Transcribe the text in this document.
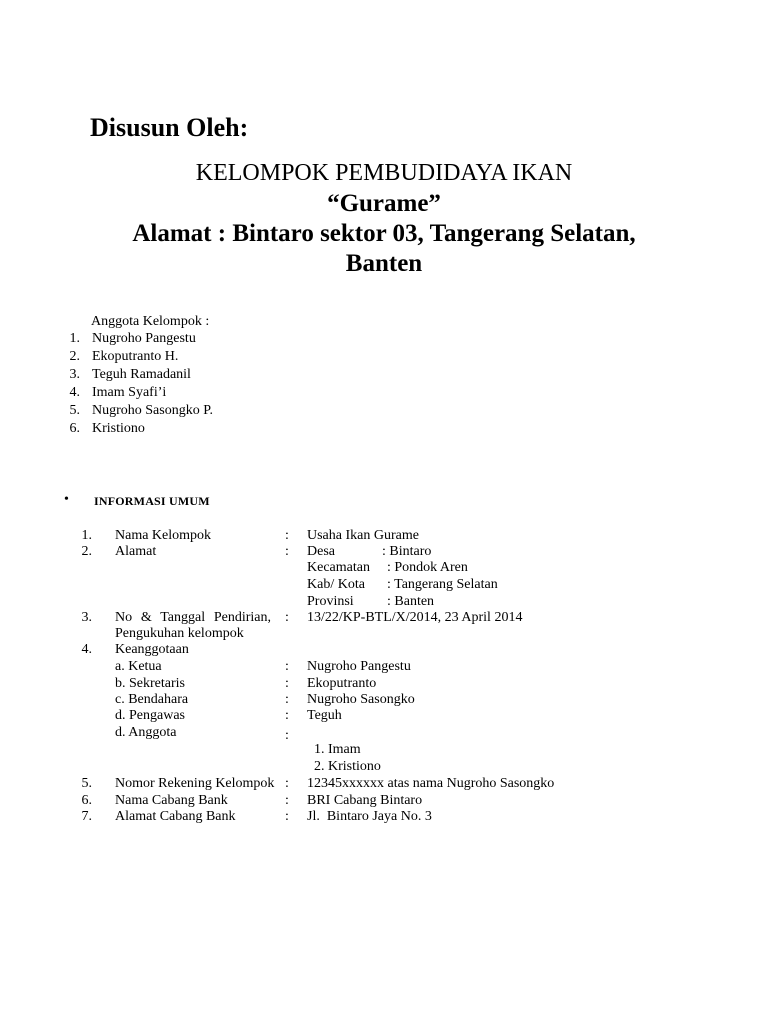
Disusun Oleh:
KELOMPOK PEMBUDIDAYA IKAN
“Gurame”
Alamat : Bintaro sektor 03, Tangerang Selatan,
Banten
Anggota Kelompok :
1. Nugroho Pangestu
2. Ekoputranto H.
3. Teguh Ramadanil
4. Imam Syafi’i
5. Nugroho Sasongko P.
6. Kristiono
• INFORMASI UMUM
1. Nama Kelompok	: Usaha Ikan Gurame
2. Alamat	: Desa	: Bintaro
Kecamatan : Pondok Aren
Kab/ Kota : Tangerang Selatan
Provinsi : Banten
3. No & Tanggal Pendirian,
Pengukuhan kelompok
: 13/22/KP-BTL/X/2014, 23 April 2014
4. Keanggotaan
a. Ketua	: Nugroho Pangestu
b. Sekretaris	: Ekoputranto
c. Bendahara	: Nugroho Sasongko
d. Pengawas	: Teguh
d. Anggota	:
1. Imam
2. Kristiono
5. Nomor Rekening Kelompok : 12345xxxxxx atas nama Nugroho Sasongko
6. Nama Cabang Bank	: BRI Cabang Bintaro
7. Alamat Cabang Bank	: Jl.  Bintaro Jaya No. 3
